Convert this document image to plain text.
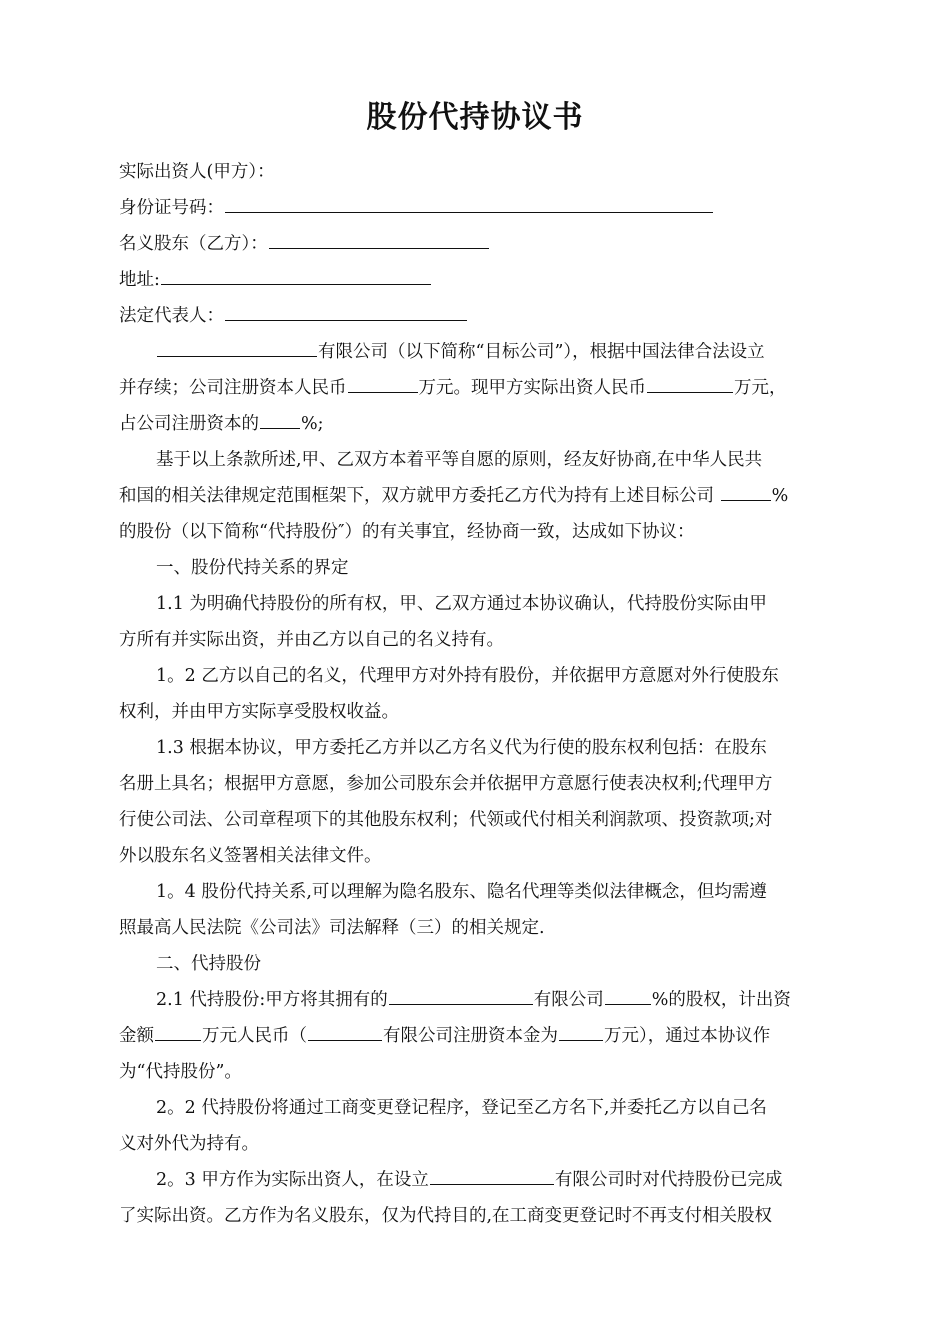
股份代持协议书
实际出资人(甲方）：
身份证号码：
名义股东（乙方）：
地址:
法定代表人：
有限公司（以下简称“目标公司”），根据中国法律合法设立
并存续；公司注册资本人民币	万元。现甲方实际出资人民币	万元，
占公司注册资本的 %;
基于以上条款所述,甲、乙双方本着平等自愿的原则，经友好协商,在中华人民共
和国的相关法律规定范围框架下，双方就甲方委托乙方代为持有上述目标公司	%
的股份（以下简称“代持股份″）的有关事宜，经协商一致，达成如下协议：
一、股份代持关系的界定
1.1 为明确代持股份的所有权，甲、乙双方通过本协议确认，代持股份实际由甲
方所有并实际出资，并由乙方以自己的名义持有。
1。2 乙方以自己的名义，代理甲方对外持有股份，并依据甲方意愿对外行使股东
权利，并由甲方实际享受股权收益。
1.3 根据本协议，甲方委托乙方并以乙方名义代为行使的股东权利包括：在股东
名册上具名；根据甲方意愿，参加公司股东会并依据甲方意愿行使表决权利;代理甲方
行使公司法、公司章程项下的其他股东权利；代领或代付相关利润款项、投资款项;对
外以股东名义签署相关法律文件。
1。4 股份代持关系,可以理解为隐名股东、隐名代理等类似法律概念，但均需遵
照最高人民法院《公司法》司法解释（三）的相关规定.
二、代持股份
2.1 代持股份:甲方将其拥有的	有限公司	%的股权，计出资
金额	万元人民币（	有限公司注册资本金为	万元），通过本协议作
为“代持股份”。
2。2 代持股份将通过工商变更登记程序，登记至乙方名下,并委托乙方以自己名
义对外代为持有。
2。3 甲方作为实际出资人，在设立	有限公司时对代持股份已完成
了实际出资。乙方作为名义股东，仅为代持目的,在工商变更登记时不再支付相关股权
